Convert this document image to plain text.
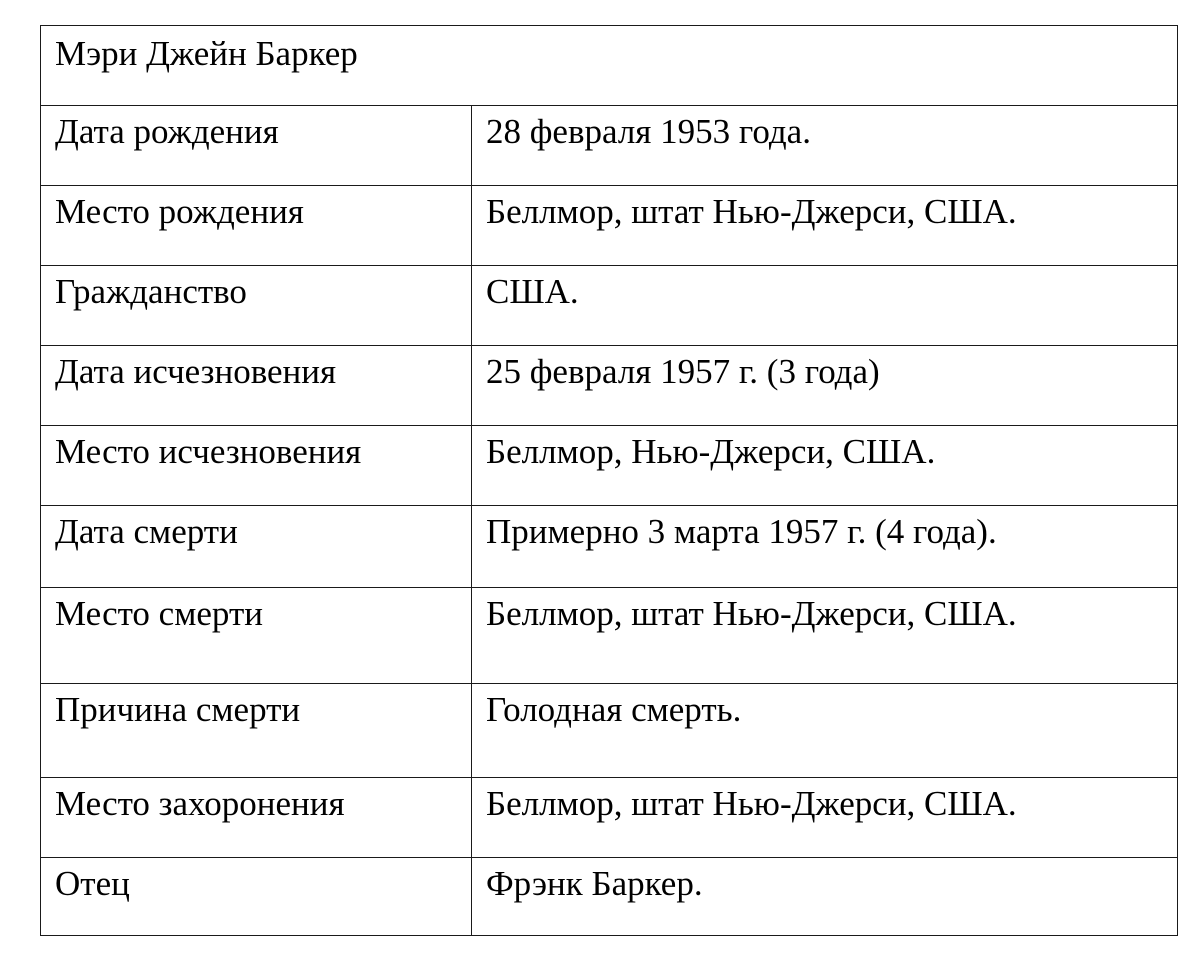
Мэри Джейн Баркер
Дата рождения	28 февраля 1953 года.
Место рождения	Беллмор, штат Нью-Джерси, США.
Гражданство	США.
Дата исчезновения	25 февраля 1957 г. (3 года)
Место исчезновения	Беллмор, Нью-Джерси, США.
Дата смерти	Примерно 3 марта 1957 г. (4 года).
Место смерти	Беллмор, штат Нью-Джерси, США.
Причина смерти	Голодная смерть.
Место захоронения	Беллмор, штат Нью-Джерси, США.
Отец	Фрэнк Баркер.
